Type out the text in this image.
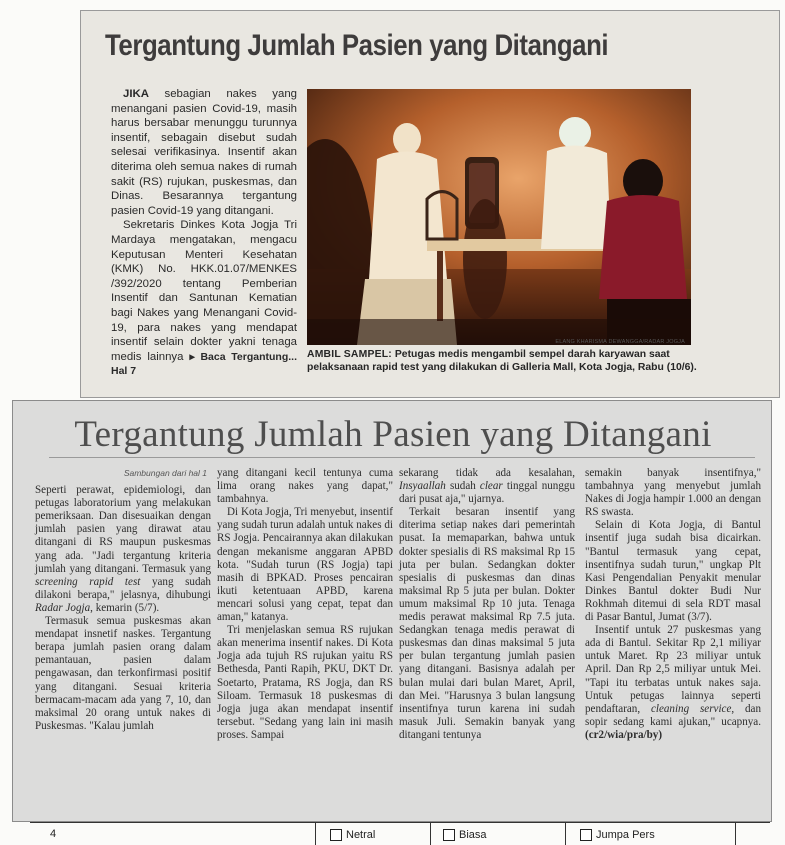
Tergantung Jumlah Pasien yang Ditangani

JIKA sebagian nakes yang menangani pasien Covid-19, masih harus bersabar menunggu turunnya insentif, sebagain disebut sudah selesai verifikasinya. Insentif akan diterima oleh semua nakes di rumah sakit (RS) rujukan, puskesmas, dan Dinas. Besarannya tergantung pasien Covid-19 yang ditangani.

Sekretaris Dinkes Kota Jogja Tri Mardaya mengatakan, mengacu Keputusan Menteri Kesehatan (KMK) No. HKK.01.07/MENKES /392/2020 tentang Pemberian Insentif dan Santunan Kematian bagi Nakes yang Menangani Covid-19, para nakes yang mendapat insentif selain dokter yakni tenaga medis lainnya ▸ Baca Tergantung... Hal 7

ELANG KHARISMA DEWANGGA/RADAR JOGJA
AMBIL SAMPEL: Petugas medis mengambil sempel darah karyawan saat pelaksanaan rapid test yang dilakukan di Galleria Mall, Kota Jogja, Rabu (10/6).
Tergantung Jumlah Pasien yang Ditangani

Sambungan dari hal 1

Seperti perawat, epidemiologi, dan petugas laboratorium yang melakukan pemeriksaan. Dan disesuaikan dengan jumlah pasien yang dirawat atau ditangani di RS maupun puskesmas yang ada. "Jadi tergantung kriteria jumlah yang ditangani. Termasuk yang screening rapid test yang sudah dilakoni berapa," jelasnya, dihubungi Radar Jogja, kemarin (5/7).

Termasuk semua puskesmas akan mendapat insnetif naskes. Tergantung berapa jumlah pasien orang dalam pemantauan, pasien dalam pengawasan, dan terkonfirmasi positif yang ditangani. Sesuai kriteria bermacam-macam ada yang 7, 10, dan maksimal 20 orang untuk nakes di Puskesmas. "Kalau jumlah

yang ditangani kecil tentunya cuma lima orang nakes yang dapat," tambahnya.

Di Kota Jogja, Tri menyebut, insentif yang sudah turun adalah untuk nakes di RS Jogja. Pencairannya akan dilakukan dengan mekanisme anggaran APBD kota. "Sudah turun (RS Jogja) tapi masih di BPKAD. Proses pencairan ikuti ketentuaan APBD, karena mencari solusi yang cepat, tepat dan aman," katanya.

Tri menjelaskan semua RS rujukan akan menerima insentif nakes. Di Kota Jogja ada tujuh RS rujukan yaitu RS Bethesda, Panti Rapih, PKU, DKT Dr. Soetarto, Pratama, RS Jogja, dan RS Siloam. Termasuk 18 puskesmas di Jogja juga akan mendapat insentif tersebut. "Sedang yang lain ini masih proses. Sampai

sekarang tidak ada kesalahan, Insyaallah sudah clear tinggal nunggu dari pusat aja," ujarnya.

Terkait besaran insentif yang diterima setiap nakes dari pemerintah pusat. Ia memaparkan, bahwa untuk dokter spesialis di RS maksimal Rp 15 juta per bulan. Sedangkan dokter spesialis di puskesmas dan dinas maksimal Rp 5 juta per bulan. Dokter umum maksimal Rp 10 juta. Tenaga medis perawat maksimal Rp 7.5 juta. Sedangkan tenaga medis perawat di puskesmas dan dinas maksimal 5 juta per bulan tergantung jumlah pasien yang ditangani. Basisnya adalah per bulan mulai dari bulan Maret, April, dan Mei. "Harusnya 3 bulan langsung insentifnya turun karena ini sudah masuk Juli. Semakin banyak yang ditangani tentunya

semakin banyak insentifnya," tambahnya yang menyebut jumlah Nakes di Jogja hampir 1.000 an dengan RS swasta.

Selain di Kota Jogja, di Bantul insentif juga sudah bisa dicairkan. "Bantul termasuk yang cepat, insentifnya sudah turun," ungkap Plt Kasi Pengendalian Penyakit menular Dinkes Bantul dokter Budi Nur Rokhmah ditemui di sela RDT masal di Pasar Bantul, Jumat (3/7).

Insentif untuk 27 puskesmas yang ada di Bantul. Sekitar Rp 2,1 miliyar untuk Maret. Rp 23 miliyar untuk April. Dan Rp 2,5 miliyar untuk Mei. "Tapi itu terbatas untuk nakes saja. Untuk petugas lainnya seperti pendaftaran, cleaning service, dan sopir sedang kami ajukan," ucapnya. (cr2/wia/pra/by)

4	Netral	Biasa	Jumpa Pers
